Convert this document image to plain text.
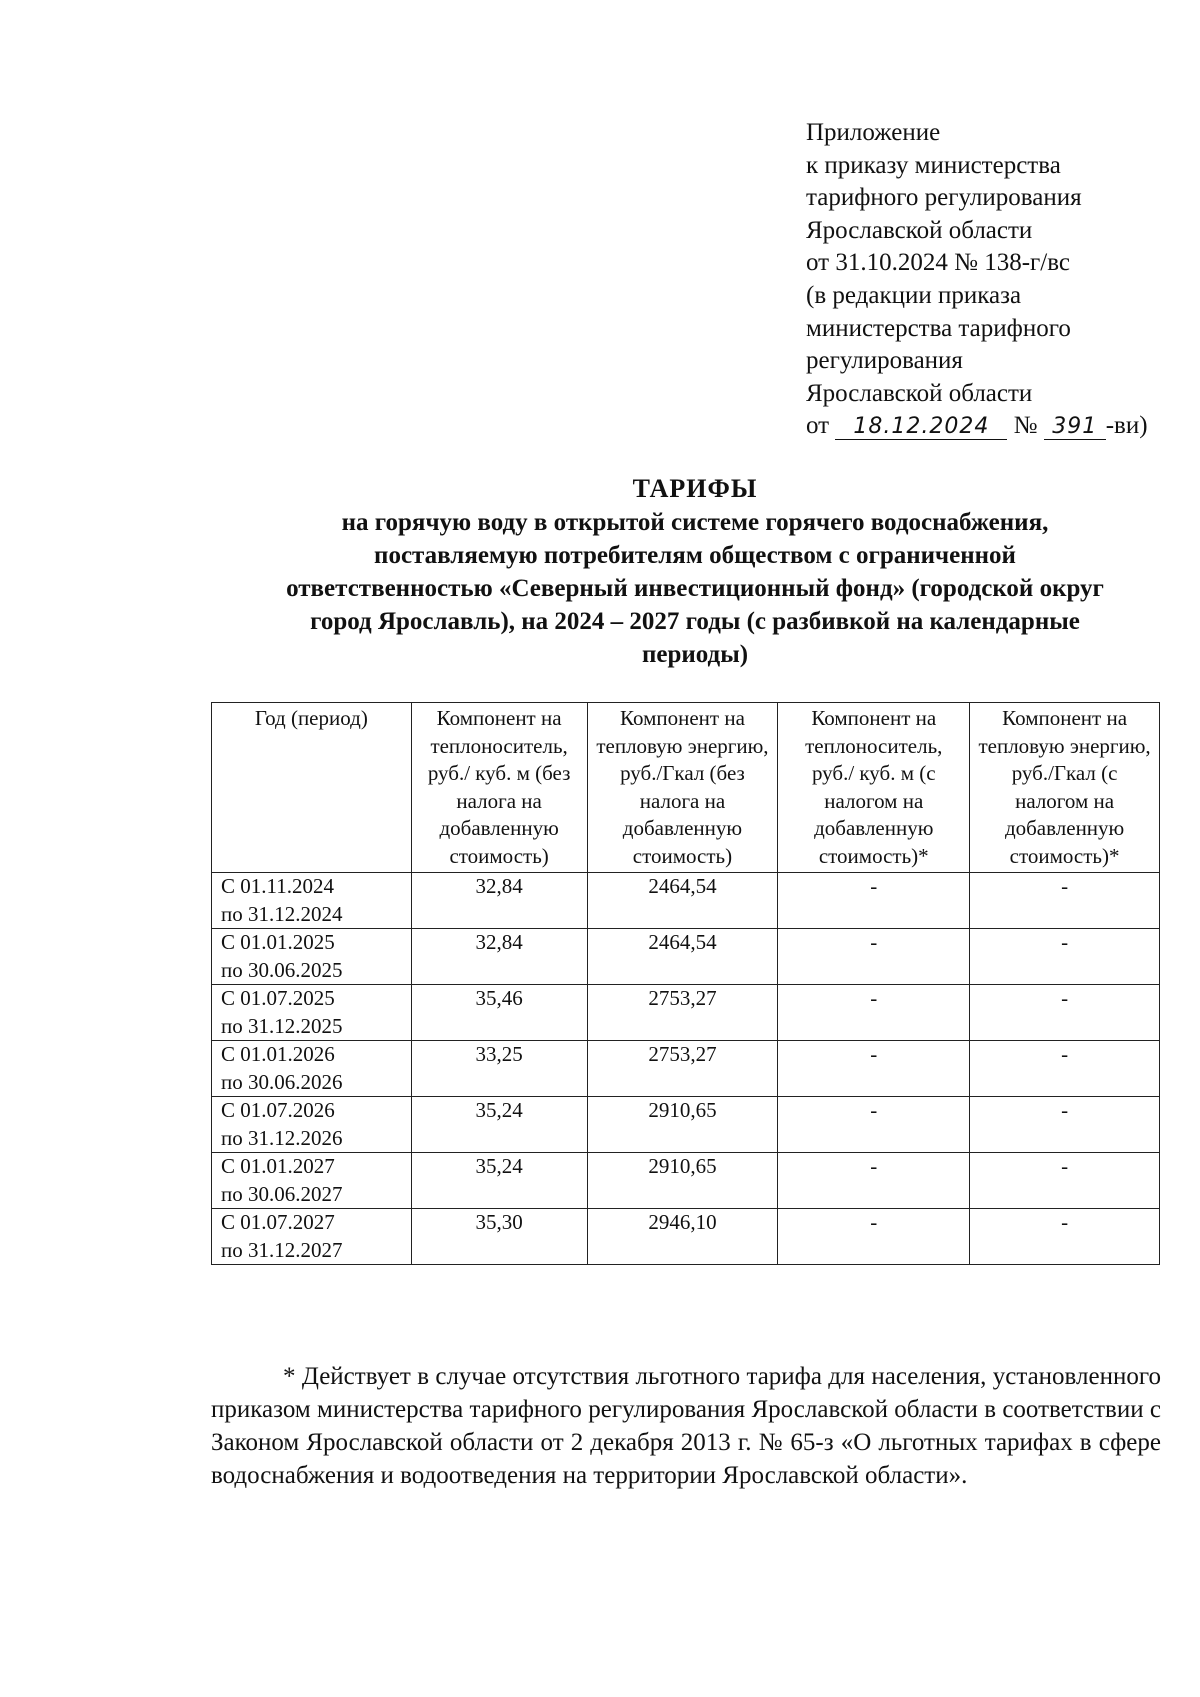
Приложение
к приказу министерства
тарифного регулирования
Ярославской области
от 31.10.2024 № 138-г/вс
(в редакции приказа
министерства тарифного
регулирования
Ярославской области
от 18.12.2024 № 391 -ви)
ТАРИФЫ
на горячую воду в открытой системе горячего водоснабжения,
поставляемую потребителям обществом с ограниченной
ответственностью «Северный инвестиционный фонд» (городской округ
город Ярославль), на 2024 – 2027 годы (с разбивкой на календарные
периоды)
Год (период)	Компонент на теплоноситель, руб./ куб. м (без налога на добавленную стоимость)	Компонент на тепловую энергию, руб./Гкал (без налога на добавленную стоимость)	Компонент на теплоноситель, руб./ куб. м (с налогом на добавленную стоимость)*	Компонент на тепловую энергию, руб./Гкал (с налогом на добавленную стоимость)*

С 01.11.2024
по 31.12.2024	32,84	2464,54	-	-

С 01.01.2025
по 30.06.2025	32,84	2464,54	-	-

С 01.07.2025
по 31.12.2025	35,46	2753,27	-	-

С 01.01.2026
по 30.06.2026	33,25	2753,27	-	-

С 01.07.2026
по 31.12.2026	35,24	2910,65	-	-

С 01.01.2027
по 30.06.2027	35,24	2910,65	-	-

С 01.07.2027
по 31.12.2027	35,30	2946,10	-	-

* Действует в случае отсутствия льготного тарифа для населения, установленного приказом министерства тарифного регулирования Ярославской области в соответствии с Законом Ярославской области от 2 декабря 2013 г. № 65-з «О льготных тарифах в сфере водоснабжения и водоотведения на территории Ярославской области».
